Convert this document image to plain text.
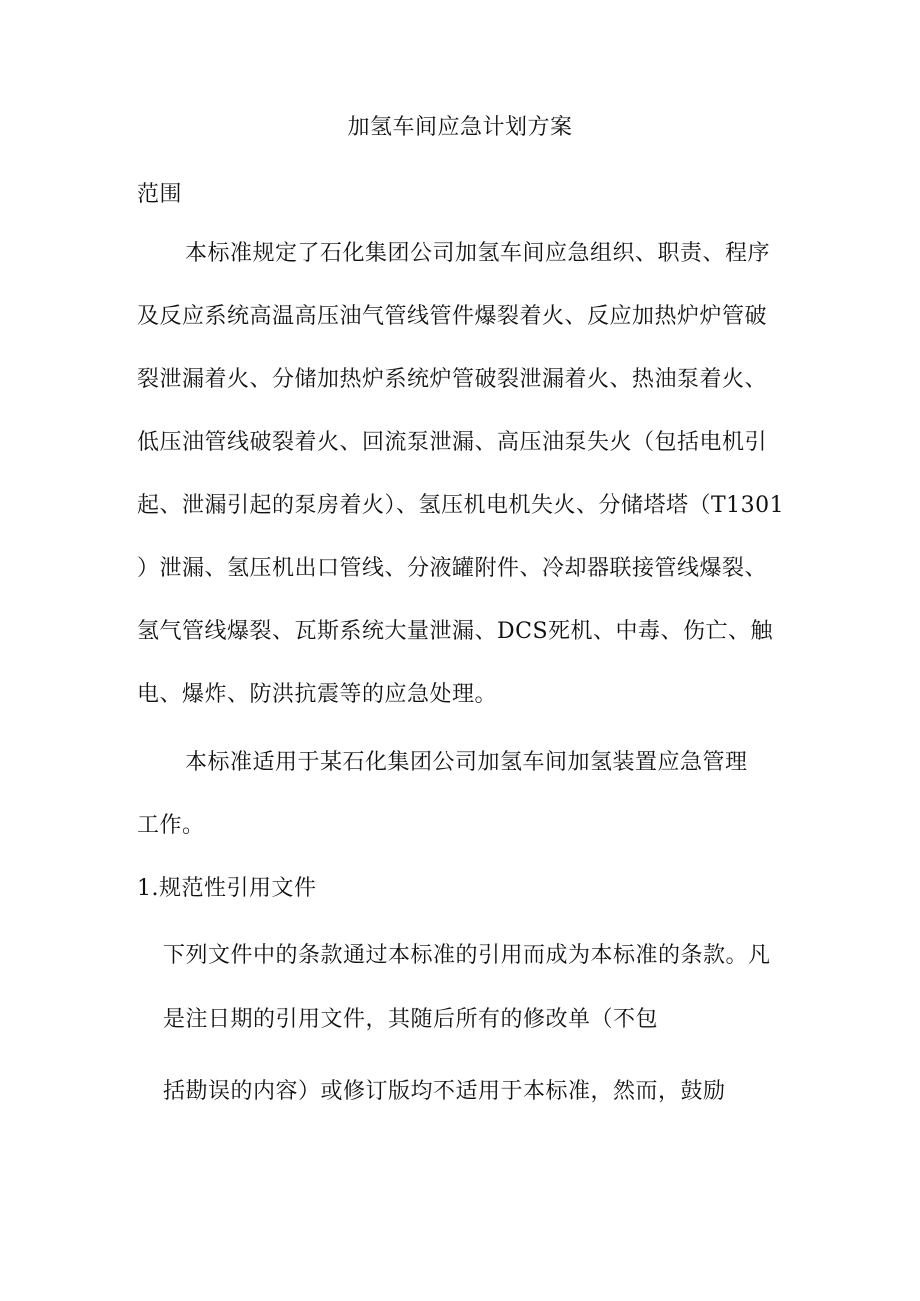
加氢车间应急计划方案
范围
本标准规定了石化集团公司加氢车间应急组织、职责、程序
及反应系统高温高压油气管线管件爆裂着火、反应加热炉炉管破
裂泄漏着火、分储加热炉系统炉管破裂泄漏着火、热油泵着火、
低压油管线破裂着火、回流泵泄漏、高压油泵失火（包括电机引
起、泄漏引起的泵房着火）、氢压机电机失火、分储塔塔（T1301
）泄漏、氢压机出口管线、分液罐附件、冷却器联接管线爆裂、
氢气管线爆裂、瓦斯系统大量泄漏、DCS死机、中毒、伤亡、触
电、爆炸、防洪抗震等的应急处理。
本标准适用于某石化集团公司加氢车间加氢装置应急管理
工作。
1.规范性引用文件
下列文件中的条款通过本标准的引用而成为本标准的条款。凡
是注日期的引用文件，其随后所有的修改单（不包
括勘误的内容）或修订版均不适用于本标准，然而，鼓励
